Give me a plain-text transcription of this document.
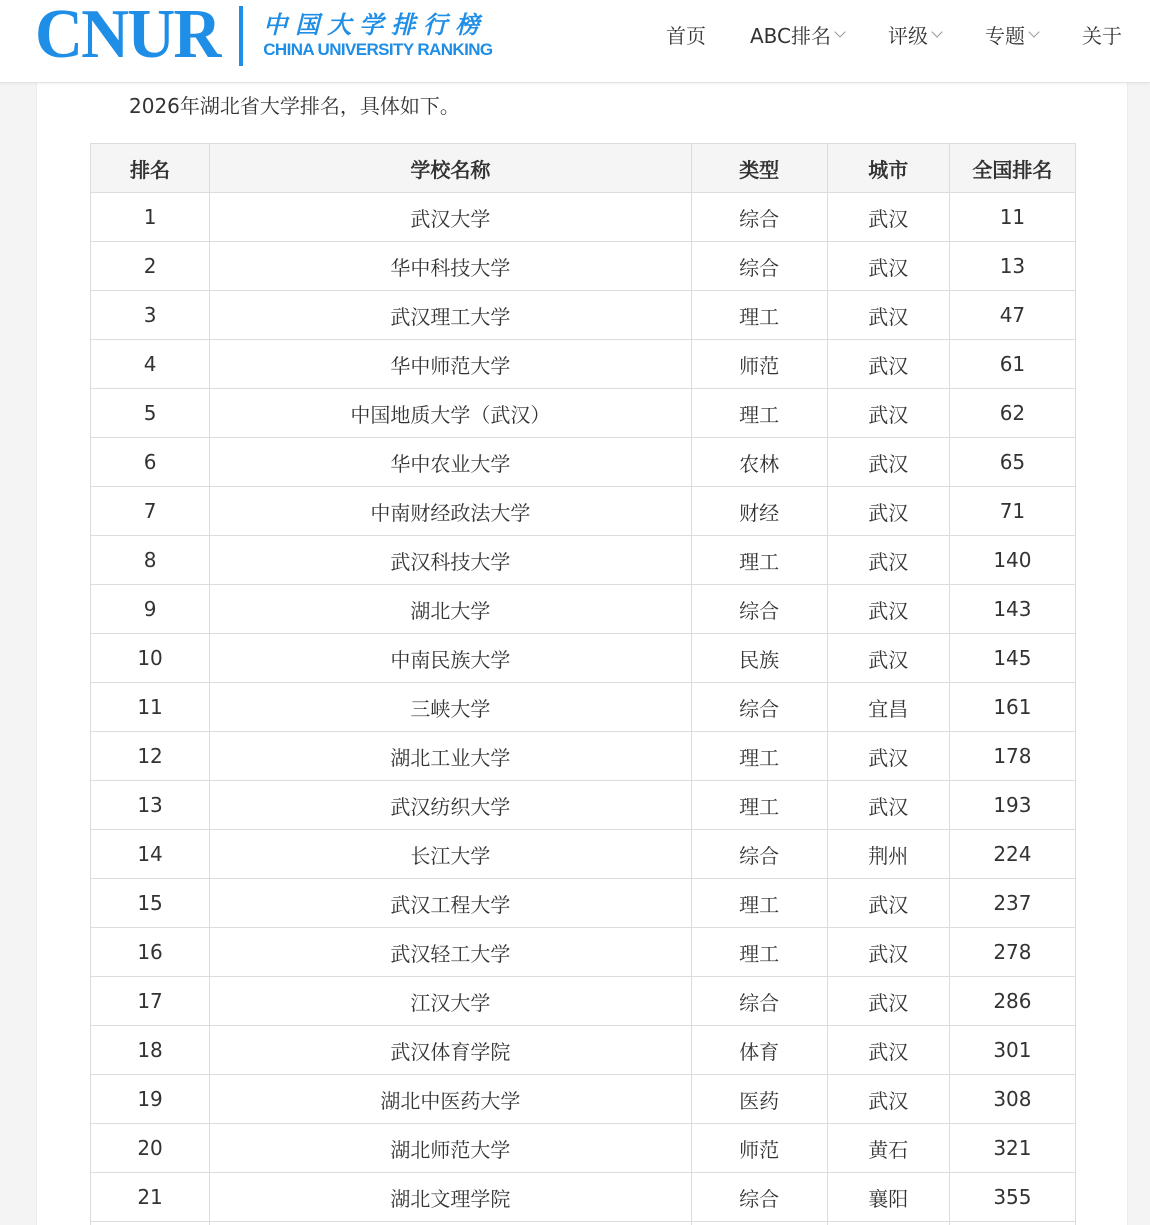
CNUR 中国大学排行榜
CHINA UNIVERSITY RANKING
首页 ABC排名	评级	专题	关于
2026年湖北省大学排名，具体如下。
排名	学校名称	类型	城市	全国排名
1	武汉大学	综合	武汉	11
2	华中科技大学	综合	武汉	13
3	武汉理工大学	理工	武汉	47
4	华中师范大学	师范	武汉	61
5	中国地质大学（武汉）	理工	武汉	62
6	华中农业大学	农林	武汉	65
7	中南财经政法大学	财经	武汉	71
8	武汉科技大学	理工	武汉	140
9	湖北大学	综合	武汉	143
10	中南民族大学	民族	武汉	145
11	三峡大学	综合	宜昌	161
12	湖北工业大学	理工	武汉	178
13	武汉纺织大学	理工	武汉	193
14	长江大学	综合	荆州	224
15	武汉工程大学	理工	武汉	237
16	武汉轻工大学	理工	武汉	278
17	江汉大学	综合	武汉	286
18	武汉体育学院	体育	武汉	301
19	湖北中医药大学	医药	武汉	308
20	湖北师范大学	师范	黄石	321
21	湖北文理学院	综合	襄阳	355
